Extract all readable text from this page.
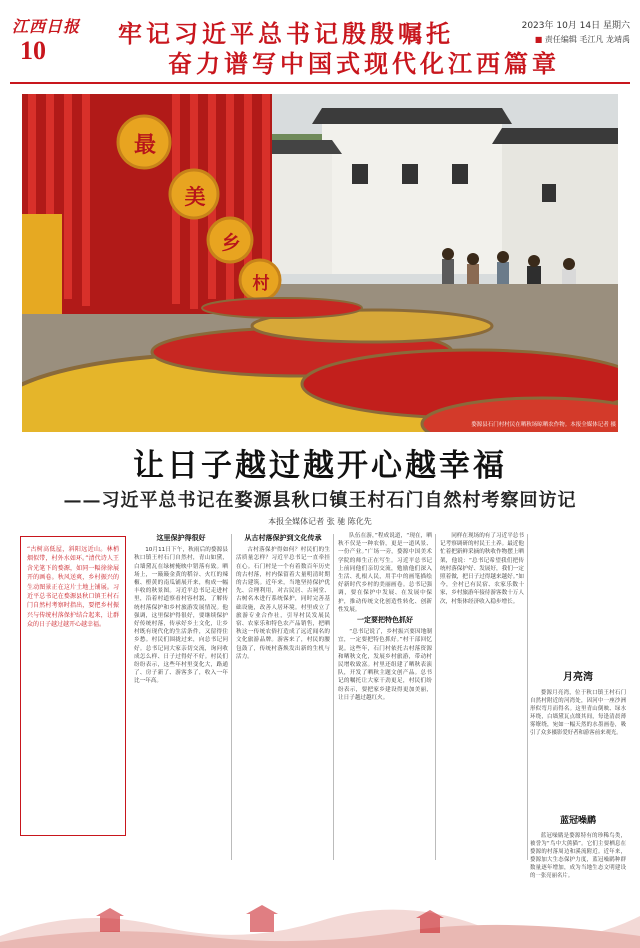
江西日报
10
牢记习近平总书记殷殷嘱托
奋力谱写中国式现代化江西篇章
2023年 10月 14日 星期六
■ 责任编辑 毛江凡 龙靖禹
最
美
乡
村
婺源县石门村村民在晒秋场晾晒农作物。本报全媒体记者 摄
让日子越过越开心越幸福
——习近平总书记在婺源县秋口镇王村石门自然村考察回访记
本报全媒体记者 张 驰 陈化先

“古树高低屋，斜阳远近山。林梢烟似带，村外水如环。”清代诗人王含光笔下的婺源，如同一幅徐徐展开的画卷。秋风送爽，乡村振兴的生动图景正在这片土地上铺展。习近平总书记在婺源县秋口镇王村石门自然村考察时指出，要把乡村振兴与传统村落保护结合起来，让群众的日子越过越开心越幸福。

这里保护得很好

10月11日下午，秋雨后的婺源县秋口镇王村石门自然村，青山如黛，白墙黛瓦在绿树掩映中错落有致。晒场上，一簸簸金黄的稻谷、火红的辣椒、橙黄的南瓜铺展开来，构成一幅丰收的秋景图。习近平总书记走进村里，沿着村道察看村容村貌，了解传统村落保护和乡村旅游发展情况。他强调，这里保护得很好，要继续保护好传统村落，传承好乡土文化，让乡村既有现代化的生活条件，又留得住乡愁。村民们围拢过来，向总书记问好。总书记同大家亲切交流，询问收成怎么样、日子过得好不好。村民们纷纷表示，这些年村里变化大，路通了、房子新了、游客多了，收入一年比一年高。

从古村落保护到文化传承

古村落保护得如何？村民们的生活质量怎样？习近平总书记一直牵挂在心。石门村是一个有着数百年历史的古村落，村内保留着大量明清时期的古建筑。近年来，当地坚持保护优先、合理利用，对古民居、古祠堂、古树名木进行系统保护，同时完善基础设施，改善人居环境。村里成立了旅游专业合作社，引导村民发展民宿、农家乐和特色农产品销售，把晒秋这一传统农俗打造成了远近闻名的文化旅游品牌。游客来了，村民的腰包鼓了，传统村落焕发出新的生机与活力。

队伍在游，”程成说道，“现在，晒秋不仅是一种农俗，更是一道风景、一份产业。”广场一旁，婺源中国美术学院的师生正在写生。习近平总书记上前同他们亲切交流，勉励他们深入生活、扎根人民，用手中的画笔描绘好新时代乡村的美丽画卷。总书记强调，要在保护中发展、在发展中保护，推动传统文化创造性转化、创新性发展。

一定要把特色抓好

“总书记说了，乡村振兴要因地制宜，一定要把特色抓好。”村干部回忆说。这些年，石门村依托古村落资源和晒秋文化，发展乡村旅游，带动村民增收致富。村里还组建了晒秋表演队，开发了晒秋主题文创产品。总书记的嘱托让大家干劲更足，村民们纷纷表示，要把家乡建设得更加美丽，让日子越过越红火。

同样在现场的有了习近平总书记考察调研的村民王土养。最近他忙着把新鲜采摘的秋收作物摆上晒架，他说：“总书记希望我们把传统村落保护好、发展好，我们一定照着做，把日子过得越来越好。”如今，全村已有民宿、农家乐数十家，乡村旅游年接待游客数十万人次，村集体经济收入稳步增长。

月亮湾
婺源月亮湾，位于秋口镇王村石门自然村附近的河湾处，因河中一座沙洲形似弯月而得名。这里青山倒映、绿水环绕，白墙黛瓦点缀其间，每逢清晨薄雾缭绕，宛如一幅天然的水墨画卷，吸引了众多摄影爱好者和游客前来观光。
蓝冠噪鹛
蓝冠噪鹛是婺源特有的珍稀鸟类，被誉为“鸟中大熊猫”。它们主要栖息在婺源的村落周边和溪流附近。近年来，婺源加大生态保护力度，蓝冠噪鹛种群数量逐年增加，成为当地生态文明建设的一张亮丽名片。
